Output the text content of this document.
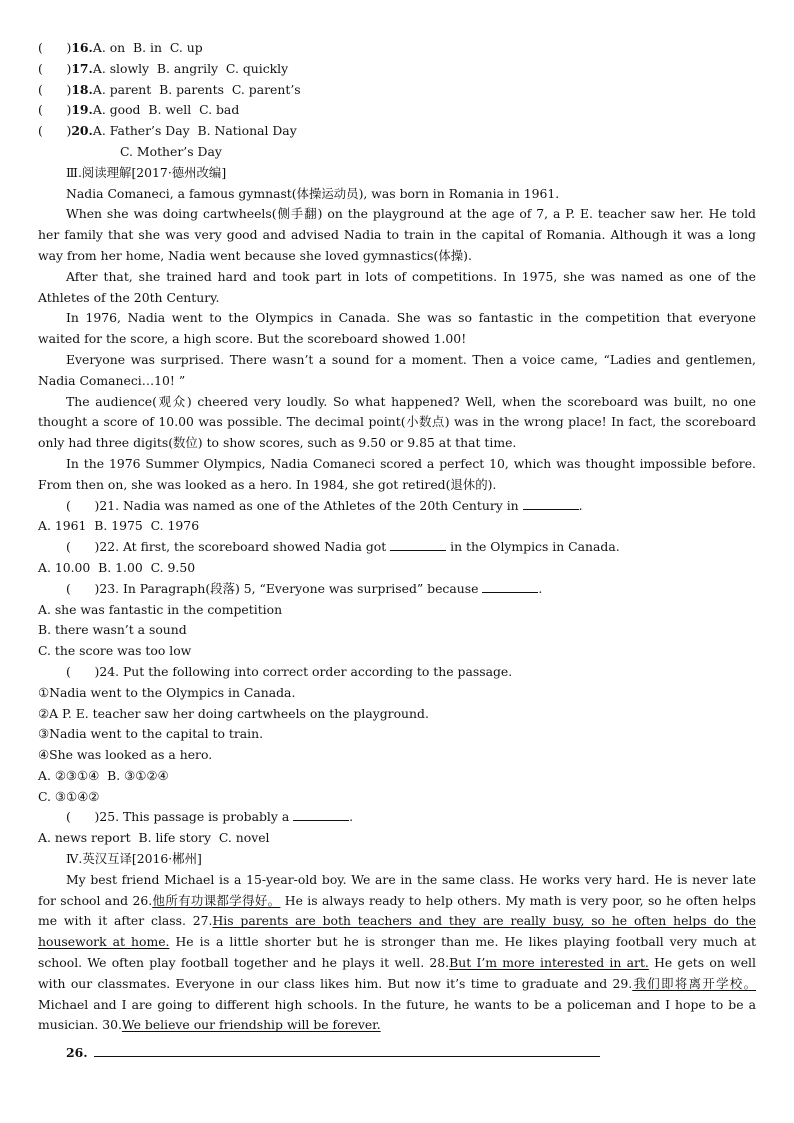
(      )16.A. on  B. in  C. up
(      )17.A. slowly  B. angrily  C. quickly
(      )18.A. parent  B. parents  C. parent’s
(      )19.A. good  B. well  C. bad
(      )20.A. Father’s Day  B. National Day
C. Mother’s Day
Ⅲ.阅读理解[2017·德州改编]
Nadia Comaneci, a famous gymnast(体操运动员), was born in Romania in 1961.
When she was doing cartwheels(侧手翻) on the playground at the age of 7, a P. E. teacher saw her. He told her family that she was very good and advised Nadia to train in the capital of Romania. Although it was a long way from her home, Nadia went because she loved gymnastics(体操).
After that, she trained hard and took part in lots of competitions. In 1975, she was named as one of the Athletes of the 20th Century.
In 1976, Nadia went to the Olympics in Canada. She was so fantastic in the competition that everyone waited for the score, a high score. But the scoreboard showed 1.00!
Everyone was surprised. There wasn’t a sound for a moment. Then a voice came, “Ladies and gentlemen, Nadia Comaneci…10! ”
The audience(观众) cheered very loudly. So what happened? Well, when the scoreboard was built, no one thought a score of 10.00 was possible. The decimal point(小数点) was in the wrong place! In fact, the scoreboard only had three digits(数位) to show scores, such as 9.50 or 9.85 at that time.
In the 1976 Summer Olympics, Nadia Comaneci scored a perfect 10, which was thought impossible before. From then on, she was looked as a hero. In 1984, she got retired(退休的).
(      )21. Nadia was named as one of the Athletes of the 20th Century in	.
A. 1961  B. 1975  C. 1976
(      )22. At first, the scoreboard showed Nadia got	in the Olympics in Canada.
A. 10.00  B. 1.00  C. 9.50
(      )23. In Paragraph(段落) 5, “Everyone was surprised” because	.
A. she was fantastic in the competition
B. there wasn’t a sound
C. the score was too low
(      )24. Put the following into correct order according to the passage.
①Nadia went to the Olympics in Canada.
②A P. E. teacher saw her doing cartwheels on the playground.
③Nadia went to the capital to train.
④She was looked as a hero.
A. ②③①④  B. ③①②④
C. ③①④②
(      )25. This passage is probably a	.
A. news report  B. life story  C. novel
Ⅳ.英汉互译[2016·郴州]
My best friend Michael is a 15-year-old boy. We are in the same class. He works very hard. He is never late for school and 26.他所有功课都学得好。 He is always ready to help others. My math is very poor, so he often helps me with it after class. 27.His parents are both teachers and they are really busy, so he often helps do the housework at home. He is a little shorter but he is stronger than me. He likes playing football very much at school. We often play football together and he plays it well. 28.But I’m more interested in art. He gets on well with our classmates. Everyone in our class likes him. But now it’s time to graduate and 29.我们即将离开学校。 Michael and I are going to different high schools. In the future, he wants to be a policeman and I hope to be a musician. 30.We believe our friendship will be forever.
26.
